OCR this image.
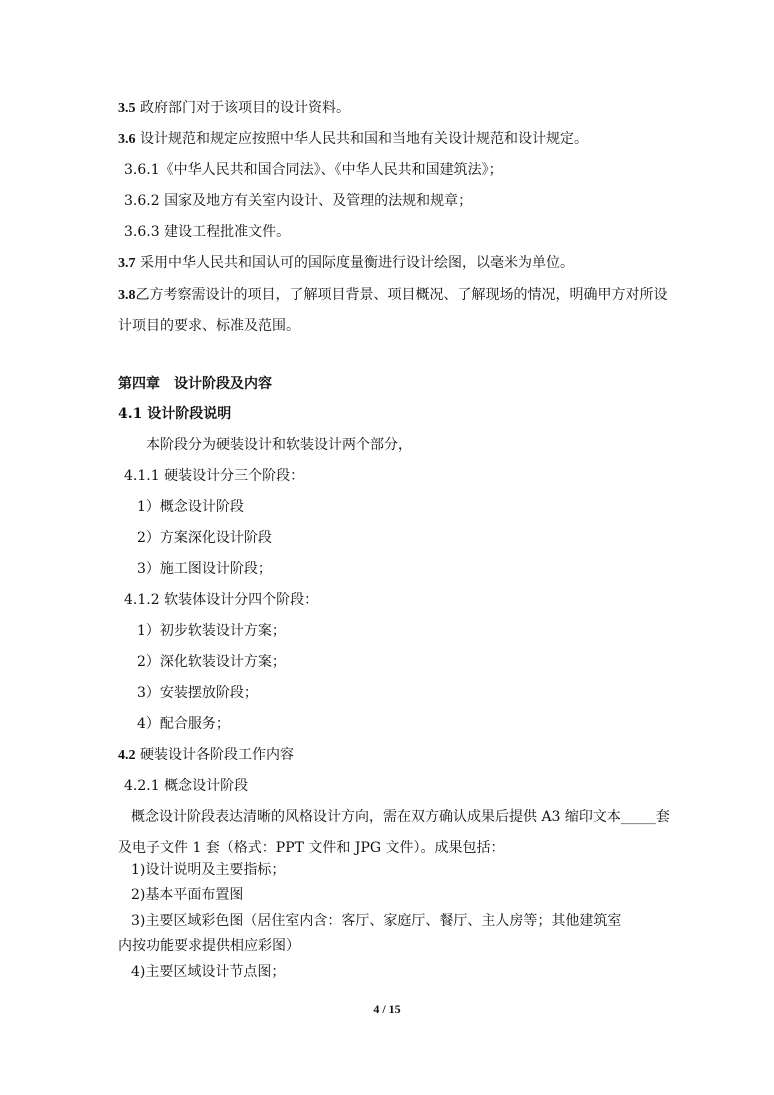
3.5 政府部门对于该项目的设计资料。
3.6 设计规范和规定应按照中华人民共和国和当地有关设计规范和设计规定。
3.6.1《中华人民共和国合同法》、《中华人民共和国建筑法》；
3.6.2 国家及地方有关室内设计、及管理的法规和规章；
3.6.3 建设工程批准文件。
3.7 采用中华人民共和国认可的国际度量衡进行设计绘图，以毫米为单位。
3.8乙方考察需设计的项目，了解项目背景、项目概况、了解现场的情况，明确甲方对所设
计项目的要求、标准及范围。
第四章　设计阶段及内容
4.1 设计阶段说明
本阶段分为硬装设计和软装设计两个部分，
4.1.1 硬装设计分三个阶段：
1）概念设计阶段
2）方案深化设计阶段
3）施工图设计阶段；
4.1.2 软装体设计分四个阶段：
1）初步软装设计方案；
2）深化软装设计方案；
3）安装摆放阶段；
4）配合服务；
4.2 硬装设计各阶段工作内容
4.2.1 概念设计阶段
概念设计阶段表达清晰的风格设计方向，需在双方确认成果后提供 A3 缩印文本_____套
及电子文件 1 套（格式：PPT 文件和 JPG 文件）。成果包括：
1)设计说明及主要指标；
2)基本平面布置图
3)主要区域彩色图（居住室内含：客厅、家庭厅、餐厅、主人房等；其他建筑室
内按功能要求提供相应彩图）
4)主要区域设计节点图；
4 / 15
